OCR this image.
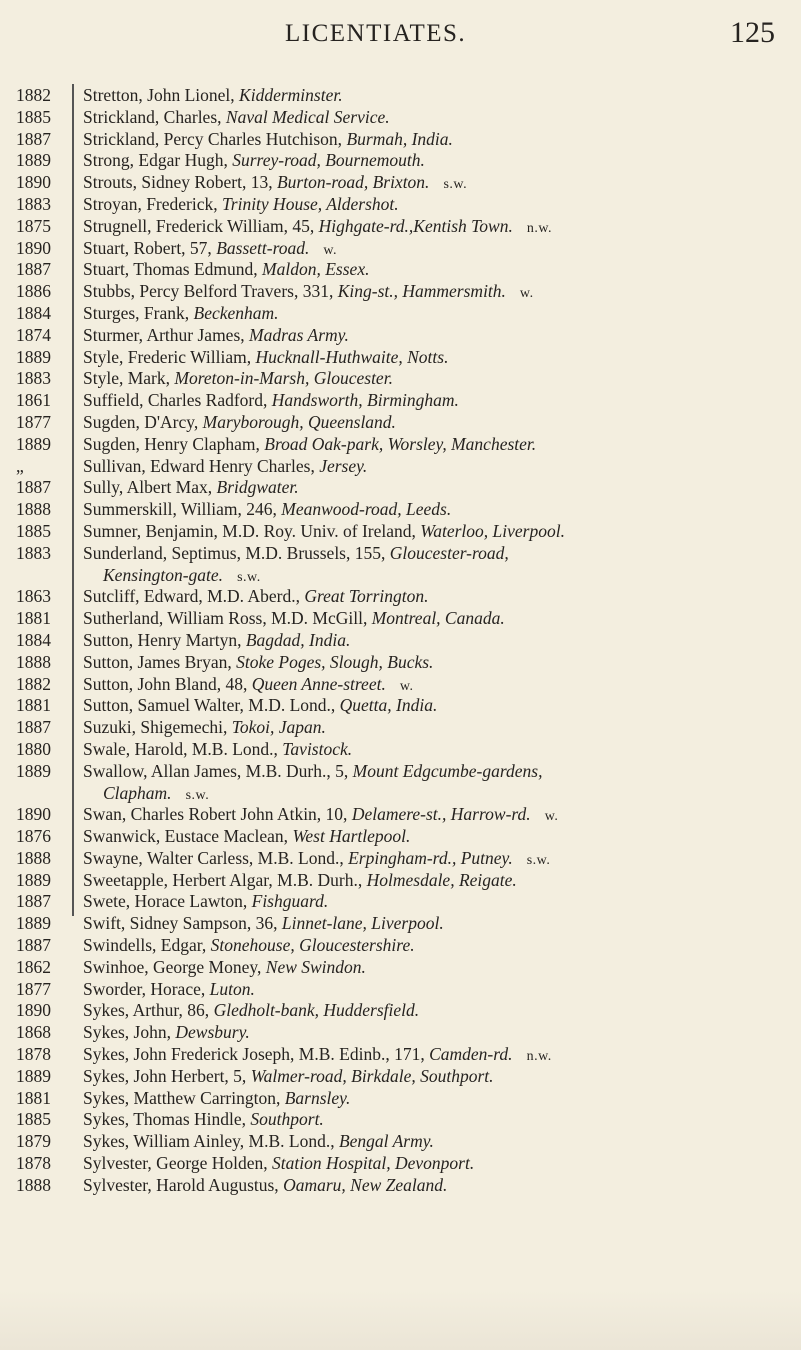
LICENTIATES.	125
1882
1885
1887
1889
1890
1883
1875
1890
1887
1886
1884
1874
1889
1883
1861
1877
1889
„
1887
1888
1885
1883
1863
1881
1884
1888
1882
1881
1887
1880
1889
1890
1876
1888
1889
1887
1889
1887
1862
1877
1890
1868
1878
1889
1881
1885
1879
1878
1888
Stretton, John Lionel, Kidderminster.
Strickland, Charles, Naval Medical Service.
Strickland, Percy Charles Hutchison, Burmah, India.
Strong, Edgar Hugh, Surrey-road, Bournemouth.
Strouts, Sidney Robert, 13, Burton-road, Brixton. s.w.
Stroyan, Frederick, Trinity House, Aldershot.
Strugnell, Frederick William, 45, Highgate-rd.,Kentish Town. n.w.
Stuart, Robert, 57, Bassett-road. w.
Stuart, Thomas Edmund, Maldon, Essex.
Stubbs, Percy Belford Travers, 331, King-st., Hammersmith. w.
Sturges, Frank, Beckenham.
Sturmer, Arthur James, Madras Army.
Style, Frederic William, Hucknall-Huthwaite, Notts.
Style, Mark, Moreton-in-Marsh, Gloucester.
Suffield, Charles Radford, Handsworth, Birmingham.
Sugden, D'Arcy, Maryborough, Queensland.
Sugden, Henry Clapham, Broad Oak-park, Worsley, Manchester.
Sullivan, Edward Henry Charles, Jersey.
Sully, Albert Max, Bridgwater.
Summerskill, William, 246, Meanwood-road, Leeds.
Sumner, Benjamin, M.D. Roy. Univ. of Ireland, Waterloo, Liverpool.
Sunderland, Septimus, M.D. Brussels, 155, Gloucester-road,
Kensington-gate. s.w.
Sutcliff, Edward, M.D. Aberd., Great Torrington.
Sutherland, William Ross, M.D. McGill, Montreal, Canada.
Sutton, Henry Martyn, Bagdad, India.
Sutton, James Bryan, Stoke Poges, Slough, Bucks.
Sutton, John Bland, 48, Queen Anne-street. w.
Sutton, Samuel Walter, M.D. Lond., Quetta, India.
Suzuki, Shigemechi, Tokoi, Japan.
Swale, Harold, M.B. Lond., Tavistock.
Swallow, Allan James, M.B. Durh., 5, Mount Edgcumbe-gardens,
Clapham. s.w.
Swan, Charles Robert John Atkin, 10, Delamere-st., Harrow-rd. w.
Swanwick, Eustace Maclean, West Hartlepool.
Swayne, Walter Carless, M.B. Lond., Erpingham-rd., Putney. s.w.
Sweetapple, Herbert Algar, M.B. Durh., Holmesdale, Reigate.
Swete, Horace Lawton, Fishguard.
Swift, Sidney Sampson, 36, Linnet-lane, Liverpool.
Swindells, Edgar, Stonehouse, Gloucestershire.
Swinhoe, George Money, New Swindon.
Sworder, Horace, Luton.
Sykes, Arthur, 86, Gledholt-bank, Huddersfield.
Sykes, John, Dewsbury.
Sykes, John Frederick Joseph, M.B. Edinb., 171, Camden-rd. n.w.
Sykes, John Herbert, 5, Walmer-road, Birkdale, Southport.
Sykes, Matthew Carrington, Barnsley.
Sykes, Thomas Hindle, Southport.
Sykes, William Ainley, M.B. Lond., Bengal Army.
Sylvester, George Holden, Station Hospital, Devonport.
Sylvester, Harold Augustus, Oamaru, New Zealand.
